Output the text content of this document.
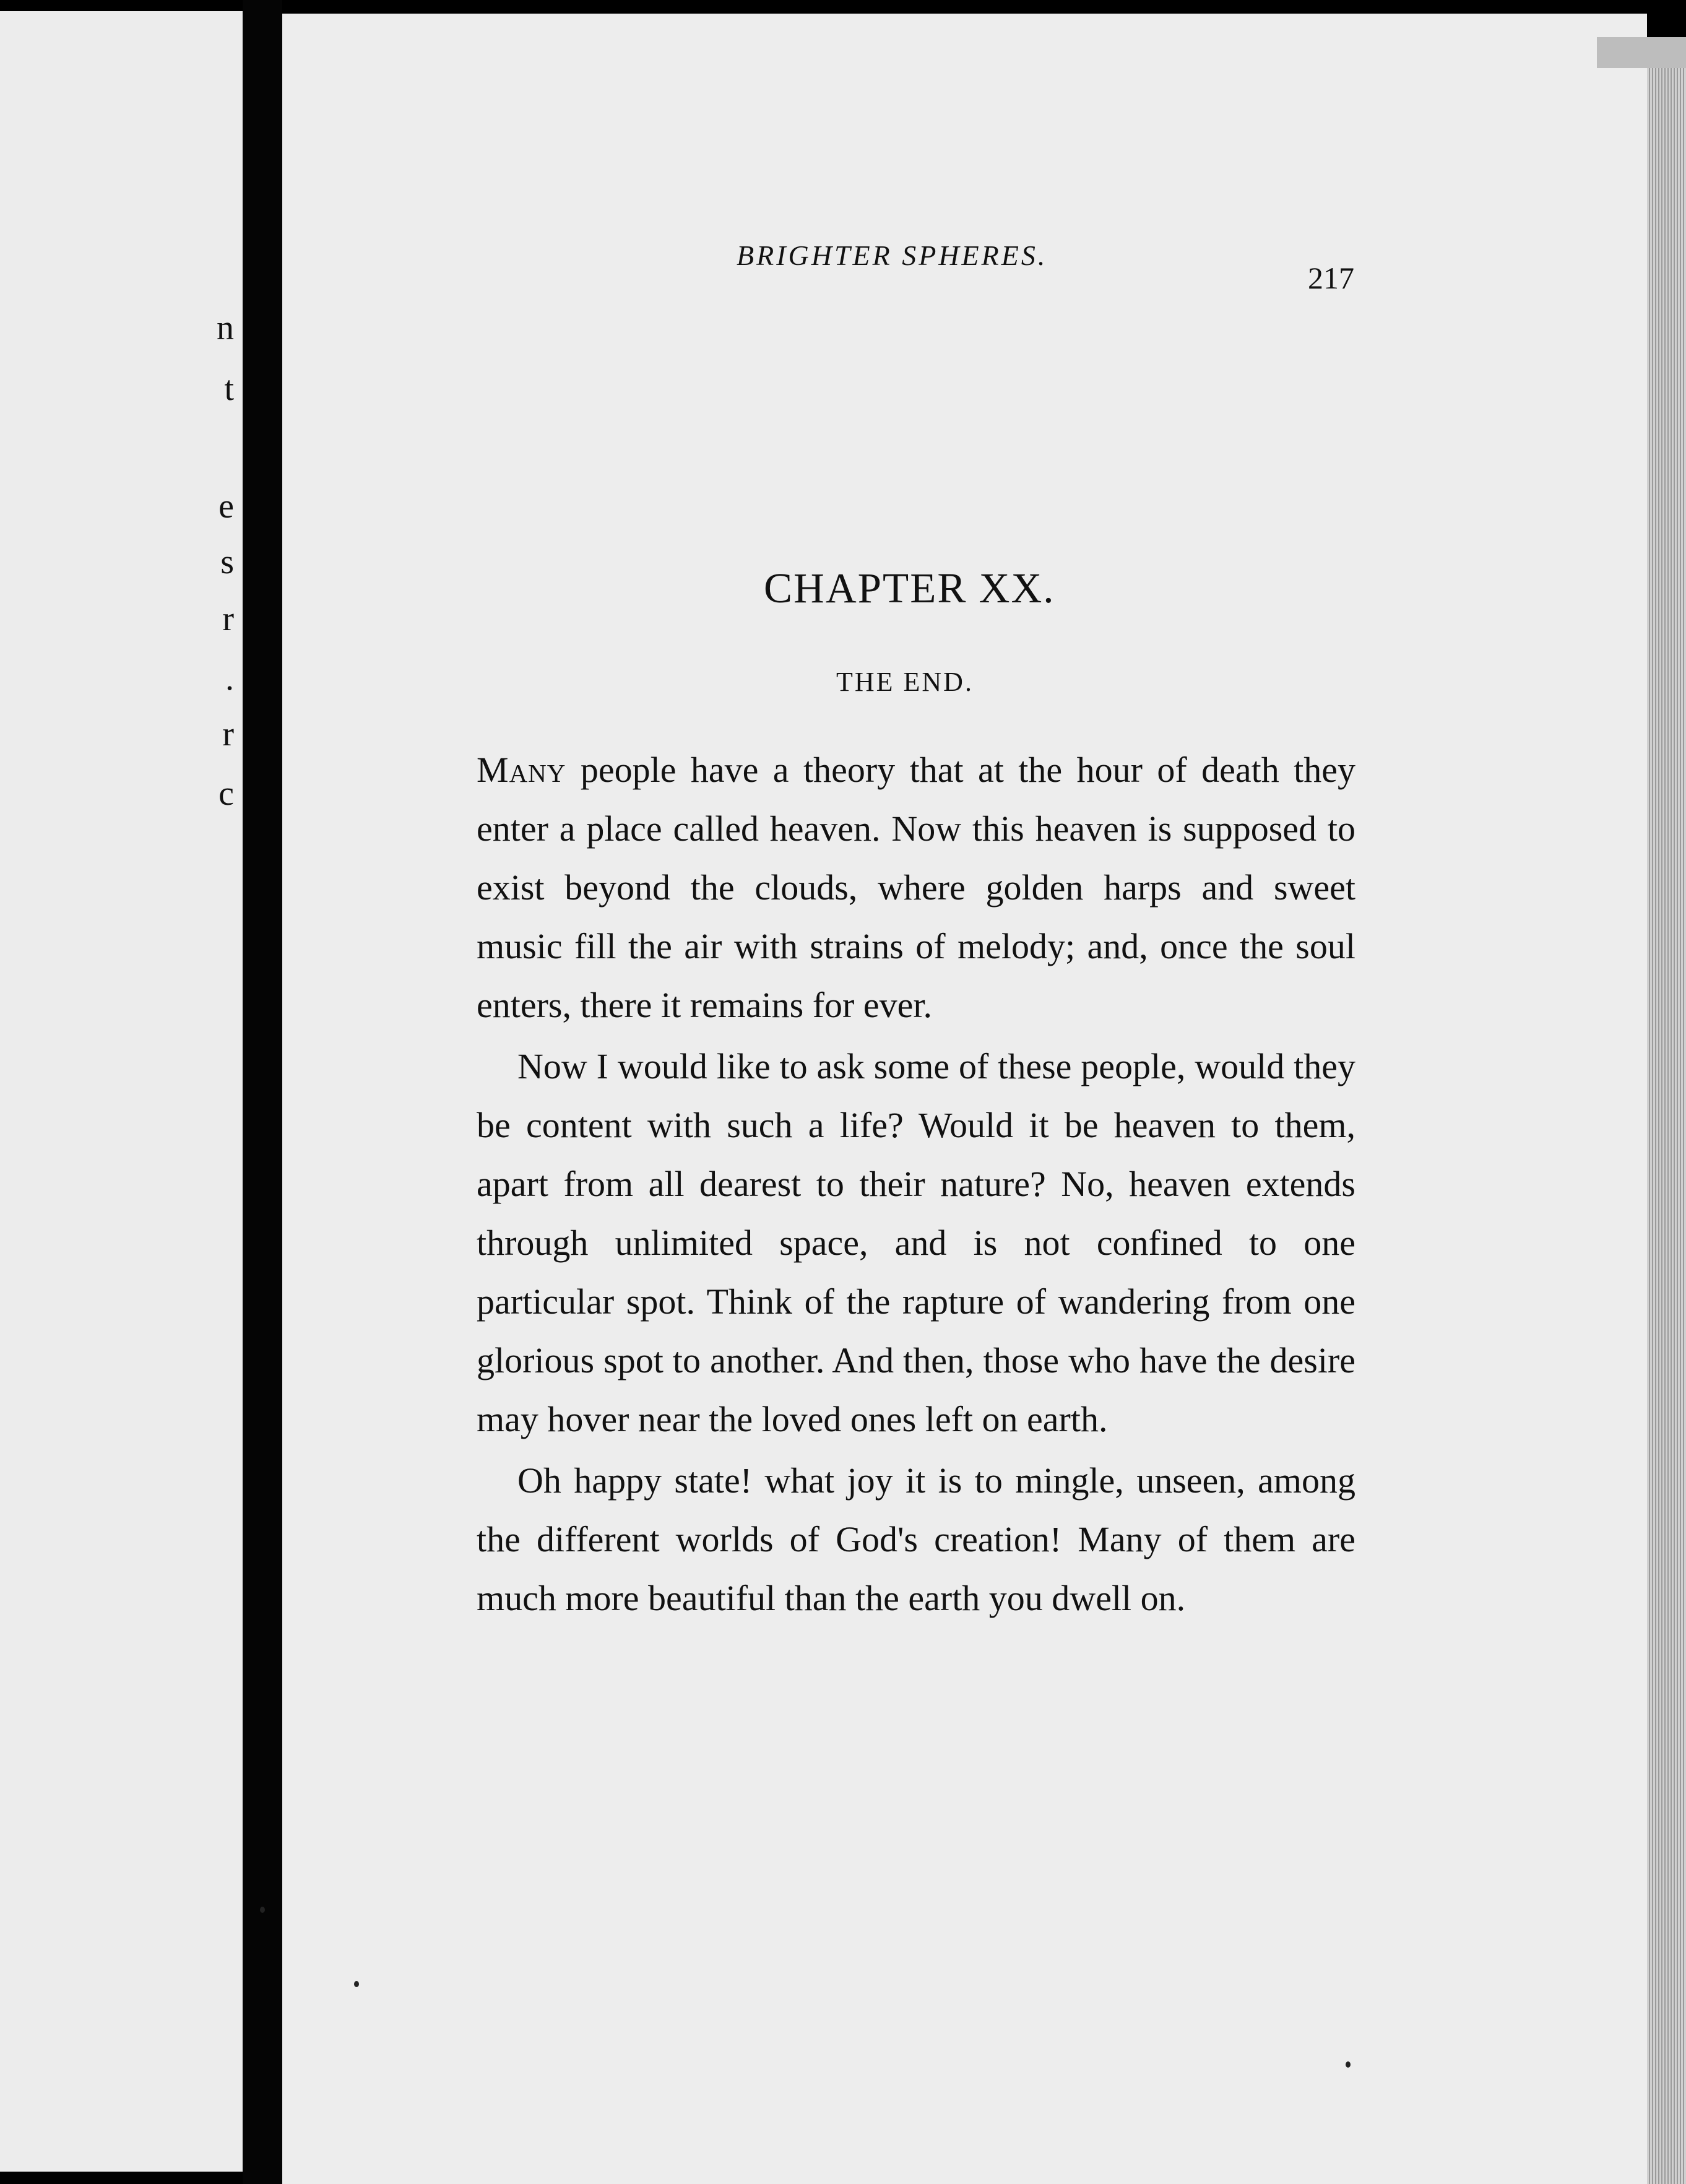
n
t
e
s
r
.
r
c
BRIGHTER SPHERES.
217
CHAPTER XX.
THE END.

Many people have a theory that at the hour of death they enter a place called heaven. Now this heaven is supposed to exist beyond the clouds, where golden harps and sweet music fill the air with strains of melody; and, once the soul enters, there it remains for ever.

Now I would like to ask some of these people, would they be content with such a life? Would it be heaven to them, apart from all dearest to their nature? No, heaven extends through unlimited space, and is not confined to one particular spot. Think of the rapture of wandering from one glorious spot to another. And then, those who have the desire may hover near the loved ones left on earth.

Oh happy state! what joy it is to mingle, unseen, among the different worlds of God's creation! Many of them are much more beautiful than the earth you dwell on.
